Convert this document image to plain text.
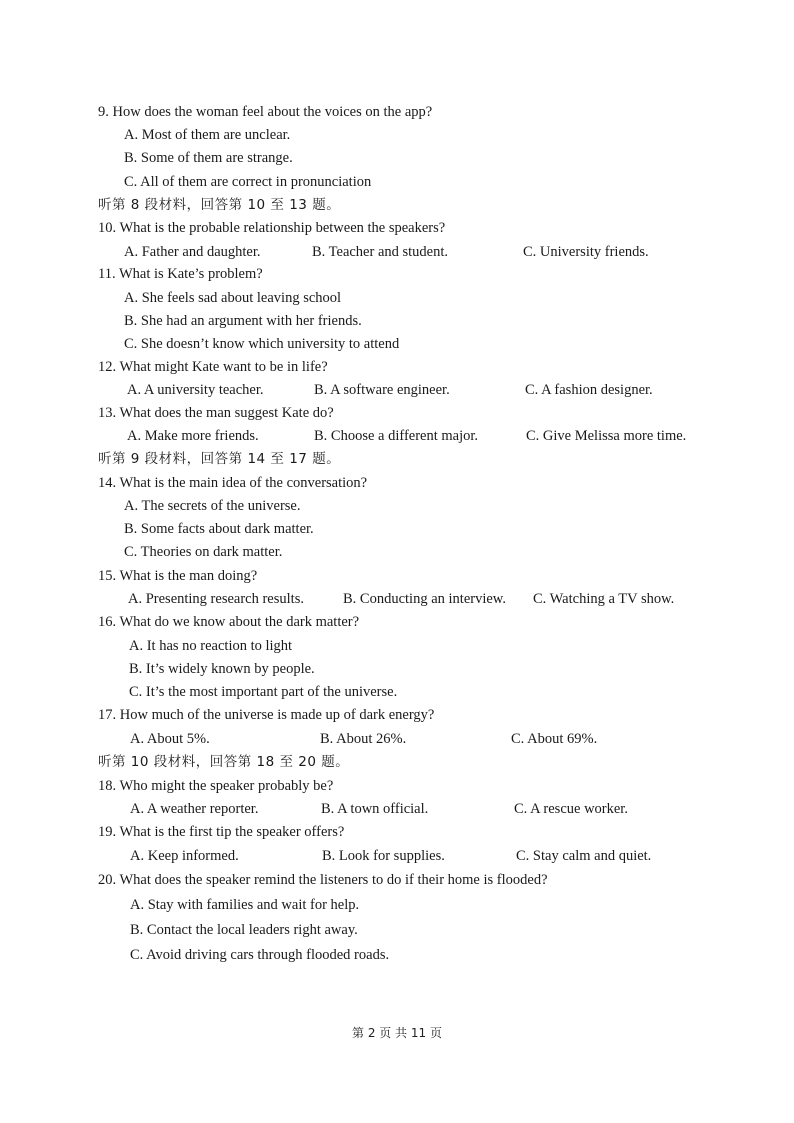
9. How does the woman feel about the voices on the app?
A. Most of them are unclear.
B. Some of them are strange.
C. All of them are correct in pronunciation
听第 8 段材料，回答第 10 至 13 题。
10. What is the probable relationship between the speakers?
A. Father and daughter.	B. Teacher and student.	C. University friends.
11. What is Kate’s problem?
A. She feels sad about leaving school
B. She had an argument with her friends.
C. She doesn’t know which university to attend
12. What might Kate want to be in life?
A. A university teacher.	B. A software engineer.	C. A fashion designer.
13. What does the man suggest Kate do?
A. Make more friends.	B. Choose a different major.	C. Give Melissa more time.
听第 9 段材料，回答第 14 至 17 题。
14. What is the main idea of the conversation?
A. The secrets of the universe.
B. Some facts about dark matter.
C. Theories on dark matter.
15. What is the man doing?
A. Presenting research results.	B. Conducting an interview. C. Watching a TV show.
16. What do we know about the dark matter?
A. It has no reaction to light
B. It’s widely known by people.
C. It’s the most important part of the universe.
17. How much of the universe is made up of dark energy?
A. About 5%.	B. About 26%.	C. About 69%.
听第 10 段材料，回答第 18 至 20 题。
18. Who might the speaker probably be?
A. A weather reporter.	B. A town official.	C. A rescue worker.
19. What is the first tip the speaker offers?
A. Keep informed.	B. Look for supplies.	C. Stay calm and quiet.
20. What does the speaker remind the listeners to do if their home is flooded?
A. Stay with families and wait for help.
B. Contact the local leaders right away.
C. Avoid driving cars through flooded roads.
第 2 页 共 11 页
